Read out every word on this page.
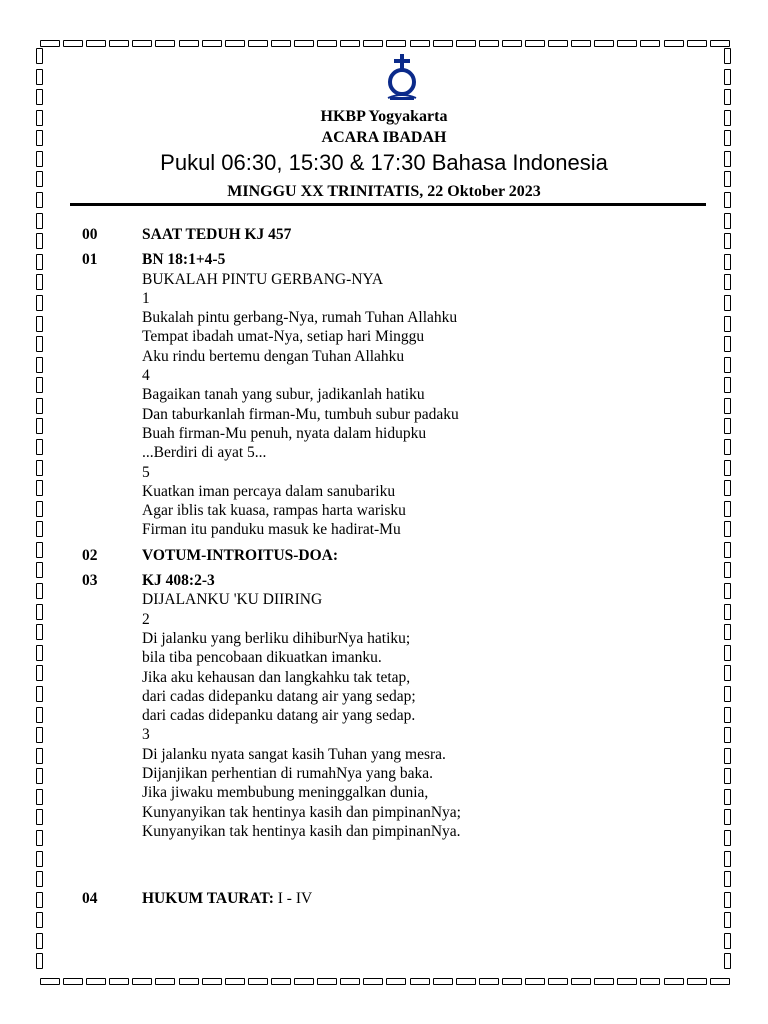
HKBP Yogyakarta
ACARA IBADAH
Pukul 06:30, 15:30 & 17:30 Bahasa Indonesia
MINGGU XX TRINITATIS, 22 Oktober 2023
00	SAAT TEDUH KJ 457
01	BN 18:1+4-5
BUKALAH PINTU GERBANG-NYA
1
Bukalah pintu gerbang-Nya, rumah Tuhan Allahku
Tempat ibadah umat-Nya, setiap hari Minggu
Aku rindu bertemu dengan Tuhan Allahku
4
Bagaikan tanah yang subur, jadikanlah hatiku
Dan taburkanlah firman-Mu, tumbuh subur padaku
Buah firman-Mu penuh, nyata dalam hidupku
...Berdiri di ayat 5...
5
Kuatkan iman percaya dalam sanubariku
Agar iblis tak kuasa, rampas harta warisku
Firman itu panduku masuk ke hadirat-Mu
02	VOTUM-INTROITUS-DOA:
03	KJ 408:2-3
DIJALANKU 'KU DIIRING
2
Di jalanku yang berliku dihiburNya hatiku;
bila tiba pencobaan dikuatkan imanku.
Jika aku kehausan dan langkahku tak tetap,
dari cadas didepanku datang air yang sedap;
dari cadas didepanku datang air yang sedap.
3
Di jalanku nyata sangat kasih Tuhan yang mesra.
Dijanjikan perhentian di rumahNya yang baka.
Jika jiwaku membubung meninggalkan dunia,
Kunyanyikan tak hentinya kasih dan pimpinanNya;
Kunyanyikan tak hentinya kasih dan pimpinanNya.
04	HUKUM TAURAT: I - IV
